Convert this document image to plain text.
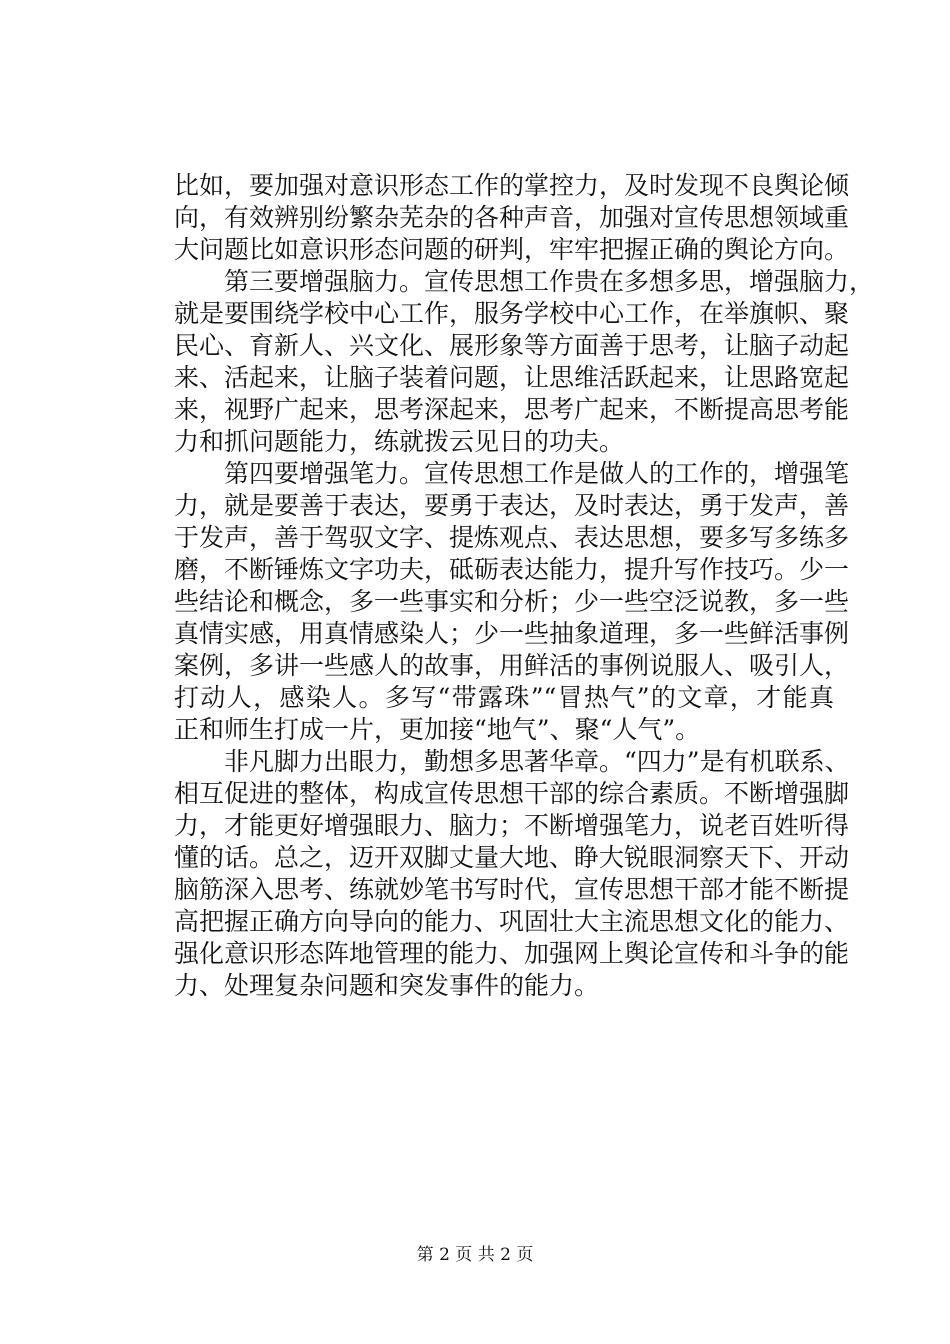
比如，要加强对意识形态工作的掌控力，及时发现不良舆论倾
向，有效辨别纷繁杂芜杂的各种声音，加强对宣传思想领域重
大问题比如意识形态问题的研判，牢牢把握正确的舆论方向。
　　第三要增强脑力。宣传思想工作贵在多想多思，增强脑力，
就是要围绕学校中心工作，服务学校中心工作，在举旗帜、聚
民心、育新人、兴文化、展形象等方面善于思考，让脑子动起
来、活起来，让脑子装着问题，让思维活跃起来，让思路宽起
来，视野广起来，思考深起来，思考广起来，不断提高思考能
力和抓问题能力，练就拨云见日的功夫。
　　第四要增强笔力。宣传思想工作是做人的工作的，增强笔
力，就是要善于表达，要勇于表达，及时表达，勇于发声，善
于发声，善于驾驭文字、提炼观点、表达思想，要多写多练多
磨，不断锤炼文字功夫，砥砺表达能力，提升写作技巧。少一
些结论和概念，多一些事实和分析；少一些空泛说教，多一些
真情实感，用真情感染人；少一些抽象道理，多一些鲜活事例
案例，多讲一些感人的故事，用鲜活的事例说服人、吸引人，
打动人，感染人。多写“带露珠”“冒热气”的文章，才能真
正和师生打成一片，更加接“地气”、聚“人气”。
　　非凡脚力出眼力，勤想多思著华章。“四力”是有机联系、
相互促进的整体，构成宣传思想干部的综合素质。不断增强脚
力，才能更好增强眼力、脑力；不断增强笔力，说老百姓听得
懂的话。总之，迈开双脚丈量大地、睁大锐眼洞察天下、开动
脑筋深入思考、练就妙笔书写时代，宣传思想干部才能不断提
高把握正确方向导向的能力、巩固壮大主流思想文化的能力、
强化意识形态阵地管理的能力、加强网上舆论宣传和斗争的能
力、处理复杂问题和突发事件的能力。
第 2 页 共 2 页
